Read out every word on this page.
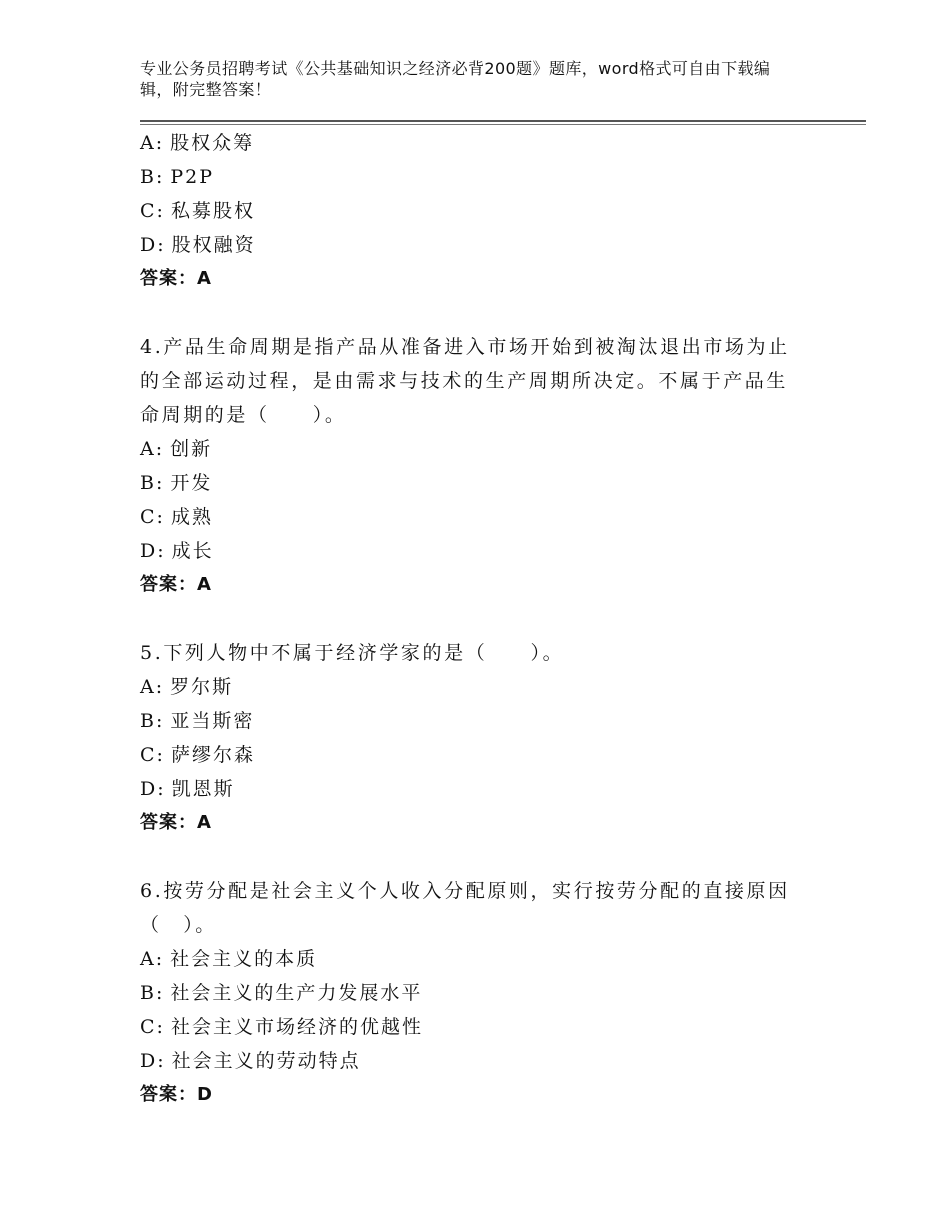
专业公务员招聘考试《公共基础知识之经济必背200题》题库，word格式可自由下载编辑，附完整答案！
A: 股权众筹
B: P2P
C: 私募股权
D: 股权融资
答案：A
4.产品生命周期是指产品从准备进入市场开始到被淘汰退出市场为止的全部运动过程，是由需求与技术的生产周期所决定。不属于产品生命周期的是（　　）。
A: 创新
B: 开发
C: 成熟
D: 成长
答案：A
5.下列人物中不属于经济学家的是（　　）。
A: 罗尔斯
B: 亚当斯密
C: 萨缪尔森
D: 凯恩斯
答案：A
6.按劳分配是社会主义个人收入分配原则，实行按劳分配的直接原因（　）。
A: 社会主义的本质
B: 社会主义的生产力发展水平
C: 社会主义市场经济的优越性
D: 社会主义的劳动特点
答案：D
